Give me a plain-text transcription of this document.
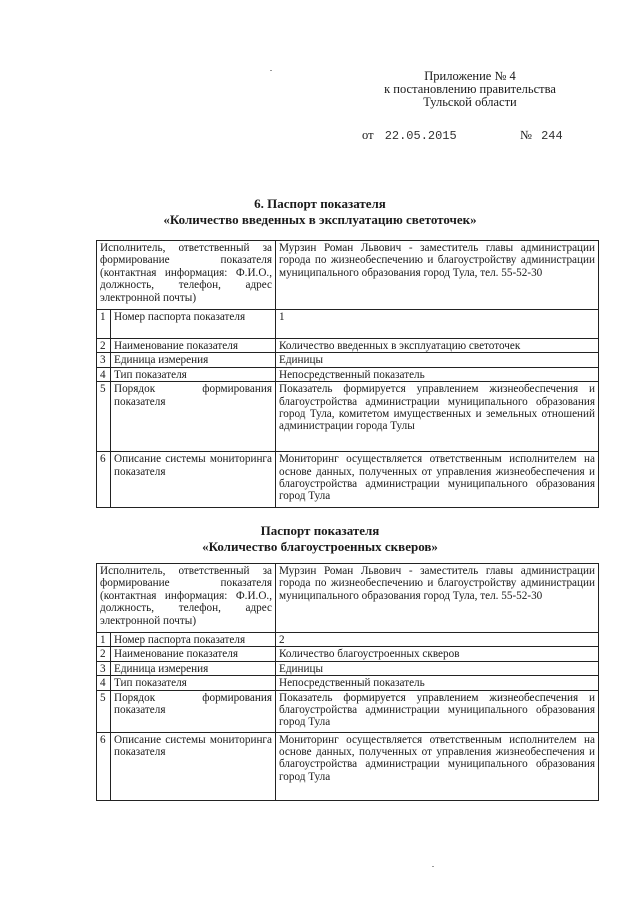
Приложение № 4
к постановлению правительства
Тульской области
от 22.05.2015	№ 244
6. Паспорт показателя
«Количество введенных в эксплуатацию светоточек»
Исполнитель, ответственный за формирование показателя (контактная информация: Ф.И.О., должность, телефон, адрес электронной почты)		Мурзин Роман Львович - заместитель главы администрации города по жизнеобеспечению и благоустройству администрации муниципального образования город Тула, тел. 55-52-30
1	Номер паспорта показателя	1
2	Наименование показателя	Количество введенных в эксплуатацию светоточек
3	Единица измерения	Единицы
4	Тип показателя	Непосредственный показатель
5	Порядок формирования показателя	Показатель формируется управлением жизнеобеспечения и благоустройства администрации муниципального образования город Тула, комитетом имущественных и земельных отношений администрации города Тулы
6	Описание системы мониторинга показателя	Мониторинг осуществляется ответственным исполнителем на основе данных, полученных от управления жизнеобеспечения и благоустройства администрации муниципального образования город Тула
Паспорт показателя
«Количество благоустроенных скверов»
Исполнитель, ответственный за формирование показателя (контактная информация: Ф.И.О., должность, телефон, адрес электронной почты)		Мурзин Роман Львович - заместитель главы администрации города по жизнеобеспечению и благоустройству администрации муниципального образования город Тула, тел. 55-52-30
1	Номер паспорта показателя	2
2	Наименование показателя	Количество благоустроенных скверов
3	Единица измерения	Единицы
4	Тип показателя	Непосредственный показатель
5	Порядок формирования показателя	Показатель формируется управлением жизнеобеспечения и благоустройства администрации муниципального образования город Тула
6	Описание системы мониторинга показателя	Мониторинг осуществляется ответственным исполнителем на основе данных, полученных от управления жизнеобеспечения и благоустройства администрации муниципального образования город Тула
